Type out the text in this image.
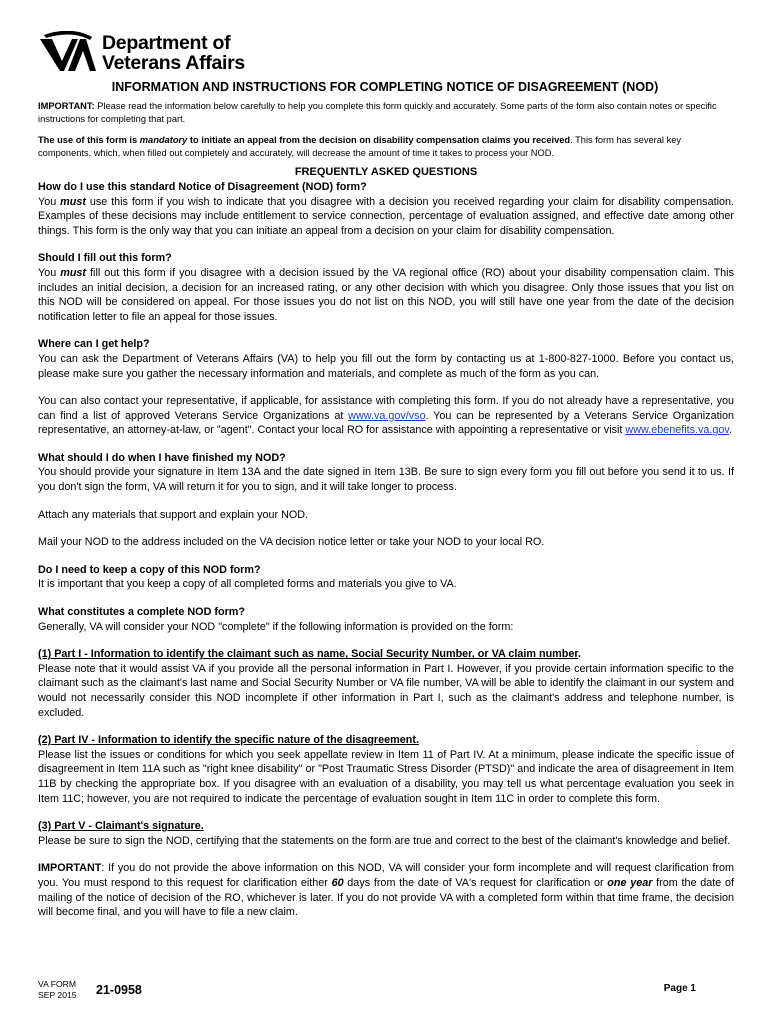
Department of
Veterans Affairs
INFORMATION AND INSTRUCTIONS FOR COMPLETING NOTICE OF DISAGREEMENT (NOD)

IMPORTANT: Please read the information below carefully to help you complete this form quickly and accurately. Some parts of the form also contain notes or specific instructions for completing that part.

The use of this form is mandatory to initiate an appeal from the decision on disability compensation claims you received. This form has several key components, which, when filled out completely and accurately, will decrease the amount of time it takes to process your NOD.

FREQUENTLY ASKED QUESTIONS
How do I use this standard Notice of Disagreement (NOD) form?

You must use this form if you wish to indicate that you disagree with a decision you received regarding your claim for disability compensation. Examples of these decisions may include entitlement to service connection, percentage of evaluation assigned, and effective date among other things. This form is the only way that you can initiate an appeal from a decision on your claim for disability compensation.

Should I fill out this form?

You must fill out this form if you disagree with a decision issued by the VA regional office (RO) about your disability compensation claim. This includes an initial decision, a decision for an increased rating, or any other decision with which you disagree. Only those issues that you list on this NOD will be considered on appeal. For those issues you do not list on this NOD, you will still have one year from the date of the decision notification letter to file an appeal for those issues.

Where can I get help?

You can ask the Department of Veterans Affairs (VA) to help you fill out the form by contacting us at 1-800-827-1000. Before you contact us, please make sure you gather the necessary information and materials, and complete as much of the form as you can.

You can also contact your representative, if applicable, for assistance with completing this form. If you do not already have a representative, you can find a list of approved Veterans Service Organizations at www.va.gov/vso. You can be represented by a Veterans Service Organization representative, an attorney-at-law, or "agent". Contact your local RO for assistance with appointing a representative or visit www.ebenefits.va.gov.

What should I do when I have finished my NOD?

You should provide your signature in Item 13A and the date signed in Item 13B. Be sure to sign every form you fill out before you send it to us. If you don't sign the form, VA will return it for you to sign, and it will take longer to process.

Attach any materials that support and explain your NOD.

Mail your NOD to the address included on the VA decision notice letter or take your NOD to your local RO.

Do I need to keep a copy of this NOD form?

It is important that you keep a copy of all completed forms and materials you give to VA.

What constitutes a complete NOD form?

Generally, VA will consider your NOD "complete" if the following information is provided on the form:

(1) Part I - Information to identify the claimant such as name, Social Security Number, or VA claim number.

Please note that it would assist VA if you provide all the personal information in Part I. However, if you provide certain information specific to the claimant such as the claimant's last name and Social Security Number or VA file number, VA will be able to identify the claimant in our system and would not necessarily consider this NOD incomplete if other information in Part I, such as the claimant's address and telephone number, is excluded.

(2) Part IV - Information to identify the specific nature of the disagreement.

Please list the issues or conditions for which you seek appellate review in Item 11 of Part IV. At a minimum, please indicate the specific issue of disagreement in Item 11A such as "right knee disability" or "Post Traumatic Stress Disorder (PTSD)" and indicate the area of disagreement in Item 11B by checking the appropriate box. If you disagree with an evaluation of a disability, you may tell us what percentage evaluation you seek in Item 11C; however, you are not required to indicate the percentage of evaluation sought in Item 11C in order to complete this form.

(3) Part V - Claimant's signature.

Please be sure to sign the NOD, certifying that the statements on the form are true and correct to the best of the claimant's knowledge and belief.

IMPORTANT: If you do not provide the above information on this NOD, VA will consider your form incomplete and will request clarification from you. You must respond to this request for clarification either 60 days from the date of VA's request for clarification or one year from the date of mailing of the notice of decision of the RO, whichever is later. If you do not provide VA with a completed form within that time frame, the decision will become final, and you will have to file a new claim.

VA FORM
SEP 2015 21-0958	Page 1
